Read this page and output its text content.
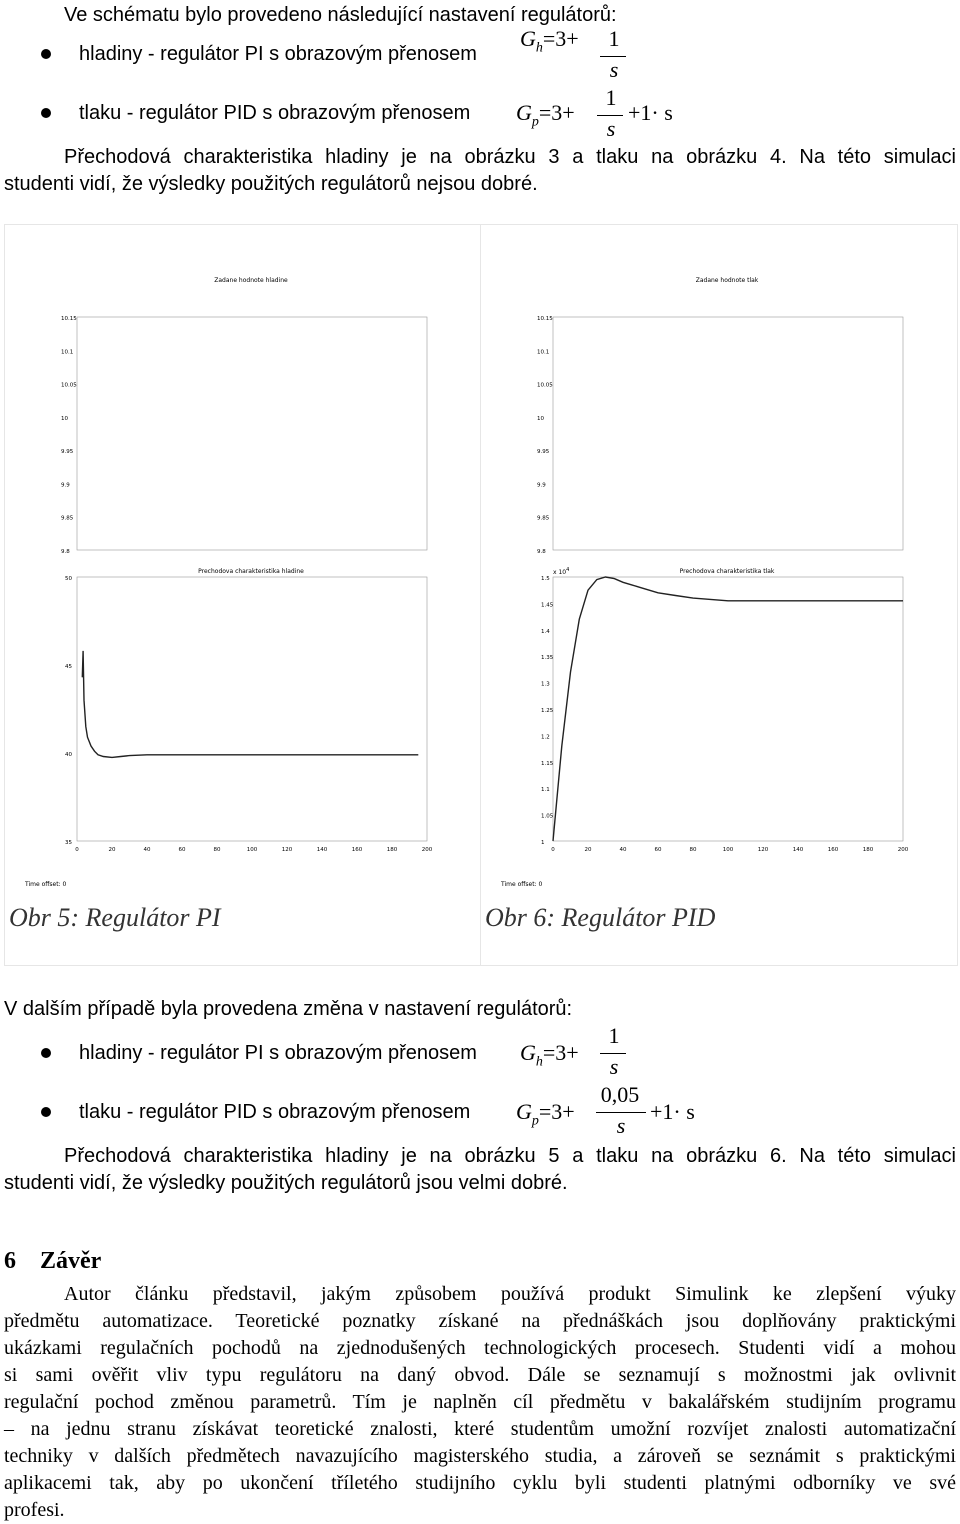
Ve schématu bylo provedeno následující nastavení regulátorů:
hladiny - regulátor PI s obrazovým přenosem
$G_h=3+ 1$
s
tlaku - regulátor PID s obrazovým přenosem $G_p=3+$
1
s
+1· s
Přechodová charakteristika hladiny je na obrázku 3 a tlaku na obrázku 4. Na této simulaci
studenti vidí, že výsledky použitých regulátorů nejsou dobré.
Zadane hodnote hladine
Prechodova charakteristika hladine
Time offset: 0
10.15
10.1
10.05
10
9.95
9.9
9.85
9.8
50
45
40
35
0	20	40	60	80	100	120	140	160	180	200
Obr 5: Regulátor PI
Zadane hodnote tlak
Prechodova charakteristika tlak
x $10^4$
Time offset: 0
10.15
10.1
10.05
10
9.95
9.9
9.85
9.8
1.5
1.45
1.4
1.35
1.3
1.25
1.2
1.15
1.1
1.05
1
0	20	40	60	80	100	120	140	160	180	200
Obr 6: Regulátor PID
V dalším případě byla provedena změna v nastavení regulátorů:
hladiny - regulátor PI s obrazovým přenosem $G_h=3+$
1
s
tlaku - regulátor PID s obrazovým přenosem $G_p=3+$
0,05
s
+1· s
Přechodová charakteristika hladiny je na obrázku 5 a tlaku na obrázku 6. Na této simulaci
studenti vidí, že výsledky použitých regulátorů jsou velmi dobré.
6 Závěr
Autor článku představil, jakým způsobem používá produkt Simulink ke zlepšení výuky
předmětu automatizace. Teoretické poznatky získané na přednáškách jsou doplňovány praktickými
ukázkami regulačních pochodů na zjednodušených technologických procesech. Studenti vidí a mohou
si sami ověřit vliv typu regulátoru na daný obvod. Dále se seznamují s možnostmi jak ovlivnit
regulační pochod změnou parametrů. Tím je naplněn cíl předmětu v bakalářském studijním programu
– na jednu stranu získávat teoretické znalosti, které studentům umožní rozvíjet znalosti automatizační
techniky v dalších předmětech navazujícího magisterského studia, a zároveň se seznámit s praktickými
aplikacemi tak, aby po ukončení tříletého studijního cyklu byli studenti platnými odborníky ve své
profesi.
